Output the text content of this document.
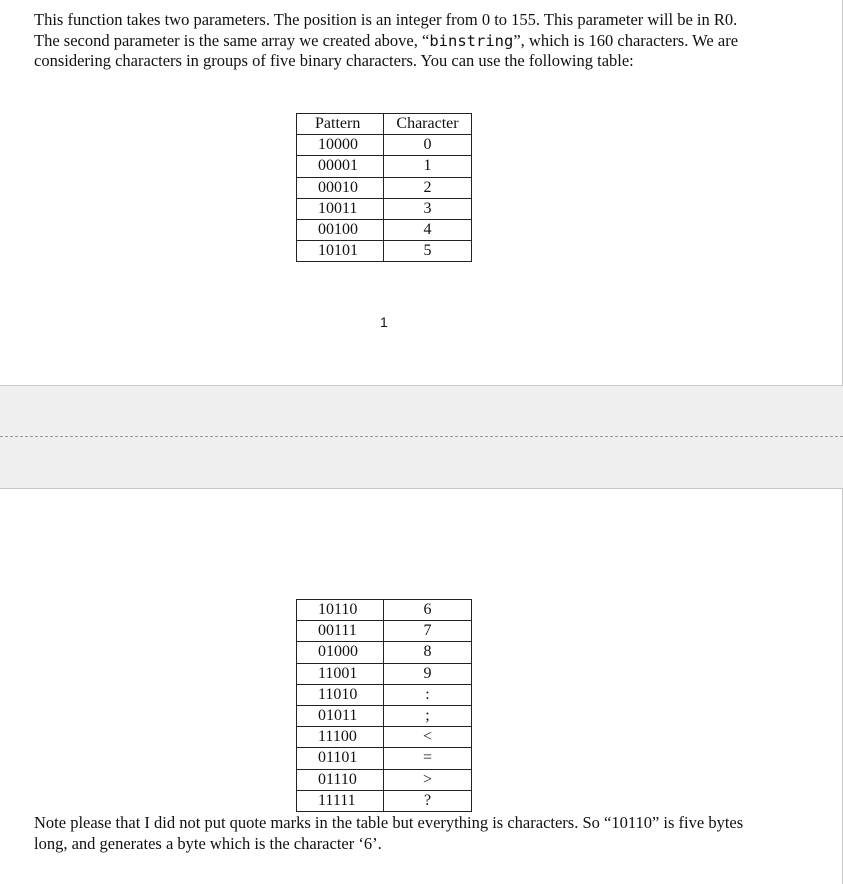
This function takes two parameters. The position is an integer from 0 to 155. This parameter will be in R0. The second parameter is the same array we created above, “binstring”, which is 160 characters. We are considering characters in groups of five binary characters. You can use the following table:

Pattern	Character
10000	0
00001	1
00010	2
10011	3
00100	4
10101	5
1
10110	6
00111	7
01000	8
11001	9
11010	:
01011	;
11100	<
01101	=
01110	>
11111	?

Note please that I did not put quote marks in the table but everything is characters. So “10110” is five bytes long, and generates a byte which is the character ‘6’.
